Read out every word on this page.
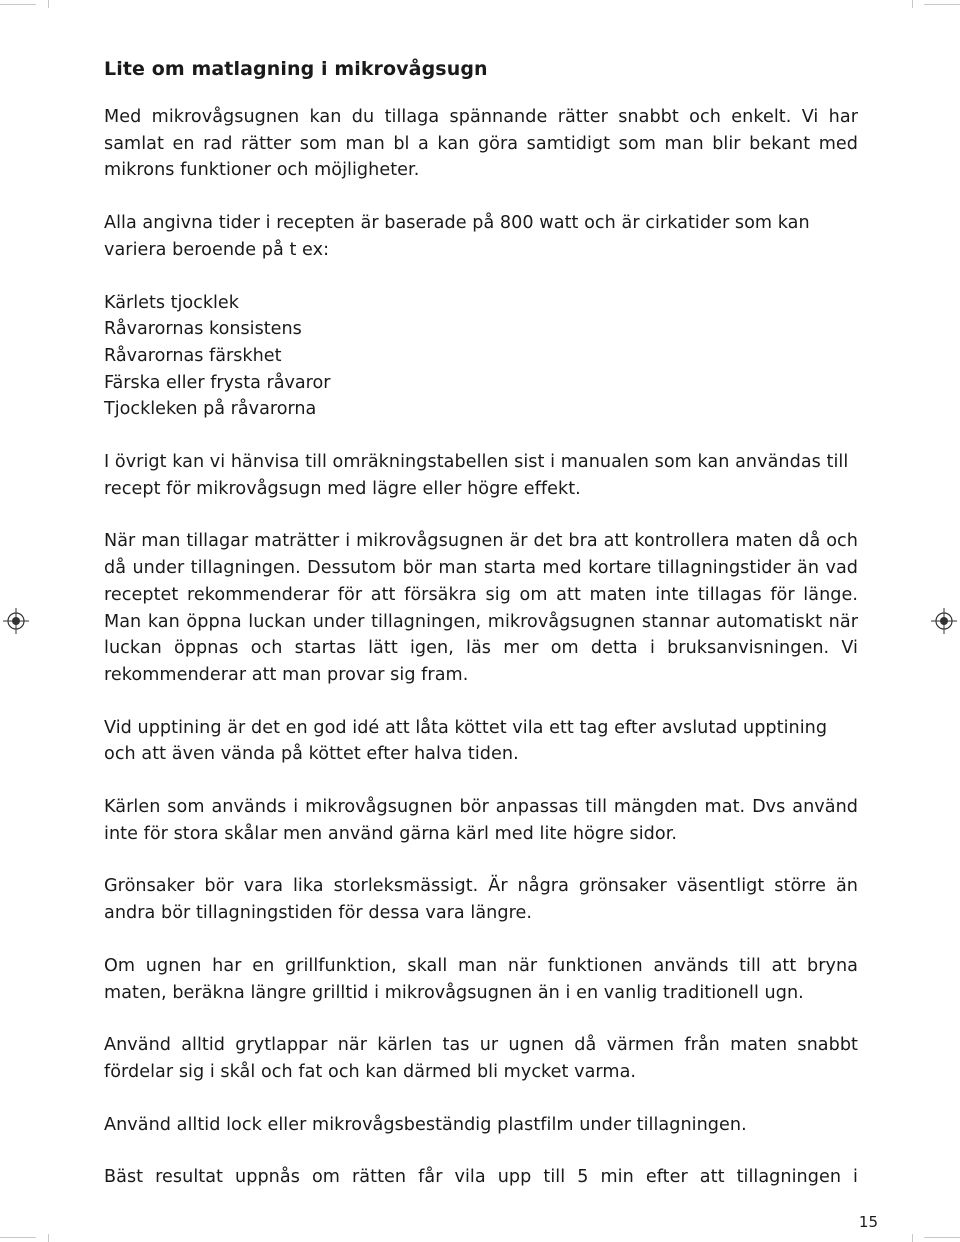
Lite om matlagning i mikrovågsugn

Med mikrovågsugnen kan du tillaga spännande rätter snabbt och enkelt. Vi har samlat en rad rätter som man bl a kan göra samtidigt som man blir bekant med mikrons funktioner och möjligheter.

Alla angivna tider i recepten är baserade på 800 watt och är cirkatider som kan variera beroende på t ex:

Kärlets tjocklek
Råvarornas konsistens
Råvarornas färskhet
Färska eller frysta råvaror
Tjockleken på råvarorna

I övrigt kan vi hänvisa till omräkningstabellen sist i manualen som kan användas till recept för mikrovågsugn med lägre eller högre effekt.

När man tillagar maträtter i mikrovågsugnen är det bra att kontrollera maten då och då under tillagningen. Dessutom bör man starta med kortare tillagningstider än vad receptet rekommenderar för att försäkra sig om att maten inte tillagas för länge. Man kan öppna luckan under tillagningen, mikrovågsugnen stannar automatiskt när luckan öppnas och startas lätt igen, läs mer om detta i bruksanvisningen. Vi rekommenderar att man provar sig fram.

Vid upptining är det en god idé att låta köttet vila ett tag efter avslutad upptining och att även vända på köttet efter halva tiden.

Kärlen som används i mikrovågsugnen bör anpassas till mängden mat. Dvs använd inte för stora skålar men använd gärna kärl med lite högre sidor.

Grönsaker bör vara lika storleksmässigt. Är några grönsaker väsentligt större än andra bör tillagningstiden för dessa vara längre.

Om ugnen har en grillfunktion, skall man när funktionen används till att bryna maten, beräkna längre grilltid i mikrovågsugnen än i en vanlig traditionell ugn.

Använd alltid grytlappar när kärlen tas ur ugnen då värmen från maten snabbt fördelar sig i skål och fat och kan därmed bli mycket varma.

Använd alltid lock eller mikrovågsbeständig plastfilm under tillagningen.

Bäst resultat uppnås om rätten får vila upp till 5 min efter att tillagningen i

15
